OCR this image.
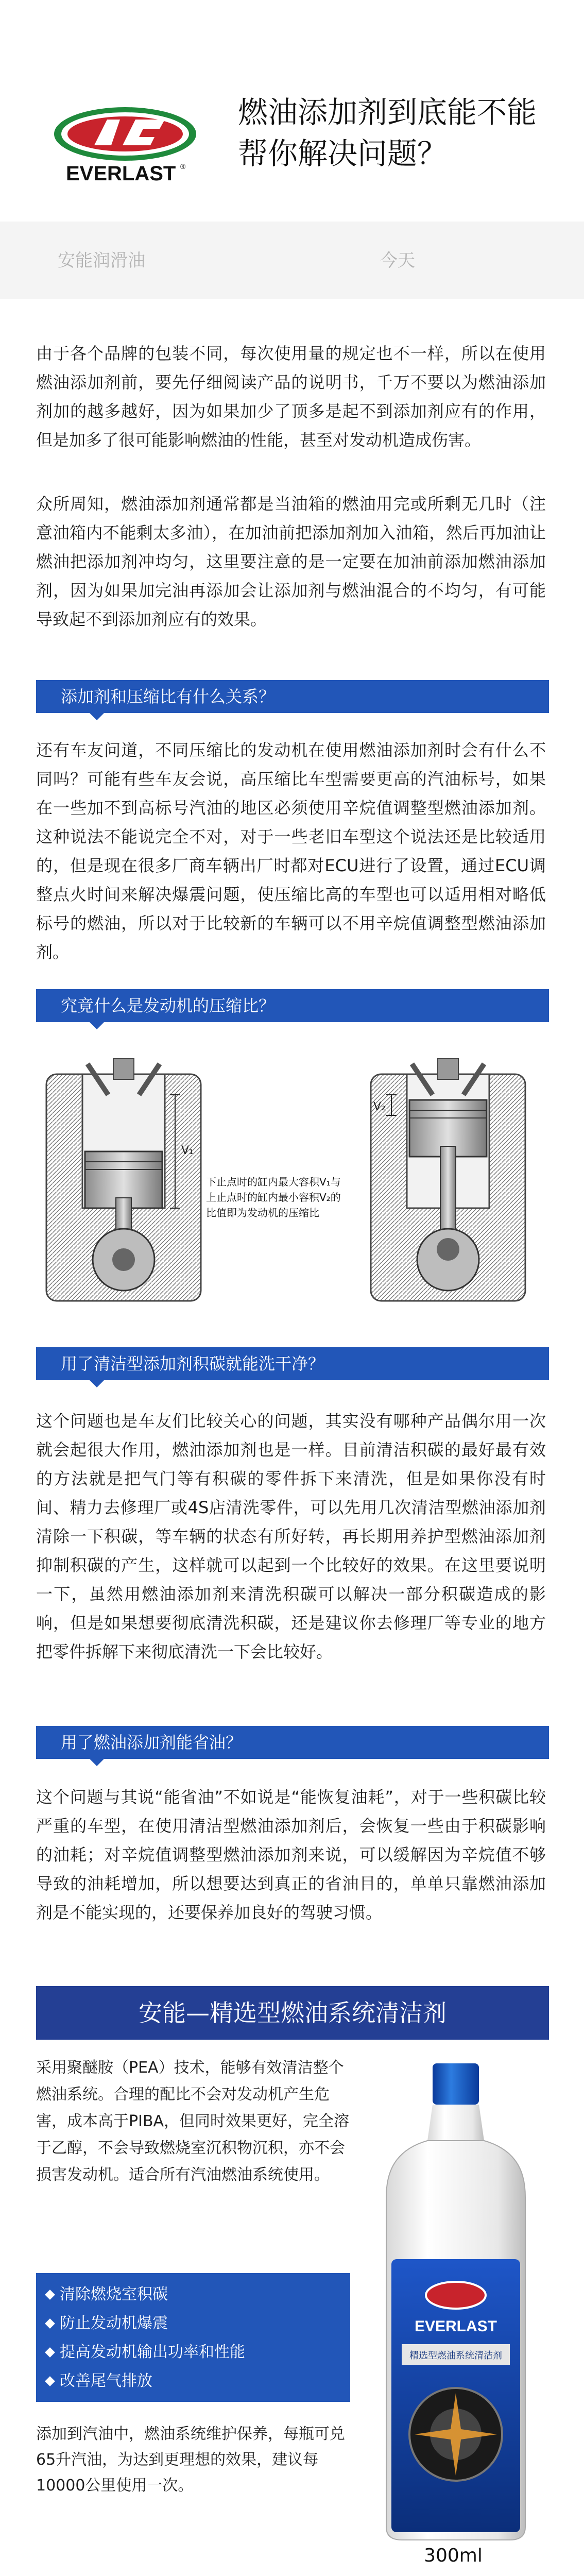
EVERLAST ®
燃油添加剂到底能不能帮你解决问题？
安能润滑油	今天
由于各个品牌的包装不同，每次使用量的规定也不一样，所以在使用燃油添加剂前，要先仔细阅读产品的说明书，千万不要以为燃油添加剂加的越多越好，因为如果加少了顶多是起不到添加剂应有的作用，但是加多了很可能影响燃油的性能，甚至对发动机造成伤害。
众所周知，燃油添加剂通常都是当油箱的燃油用完或所剩无几时（注意油箱内不能剩太多油），在加油前把添加剂加入油箱，然后再加油让燃油把添加剂冲均匀，这里要注意的是一定要在加油前添加燃油添加剂，因为如果加完油再添加会让添加剂与燃油混合的不均匀，有可能导致起不到添加剂应有的效果。
添加剂和压缩比有什么关系？
还有车友问道，不同压缩比的发动机在使用燃油添加剂时会有什么不同吗？可能有些车友会说，高压缩比车型需要更高的汽油标号，如果在一些加不到高标号汽油的地区必须使用辛烷值调整型燃油添加剂。这种说法不能说完全不对，对于一些老旧车型这个说法还是比较适用的，但是现在很多厂商车辆出厂时都对ECU进行了设置，通过ECU调整点火时间来解决爆震问题，使压缩比高的车型也可以适用相对略低标号的燃油，所以对于比较新的车辆可以不用辛烷值调整型燃油添加剂。
究竟什么是发动机的压缩比？
V₁
下止点时的缸内最大容积V₁与
上止点时的缸内最小容积V₂的
比值即为发动机的压缩比
V₂
用了清洁型添加剂积碳就能洗干净？
这个问题也是车友们比较关心的问题，其实没有哪种产品偶尔用一次就会起很大作用，燃油添加剂也是一样。目前清洁积碳的最好最有效的方法就是把气门等有积碳的零件拆下来清洗，但是如果你没有时间、精力去修理厂或4S店清洗零件，可以先用几次清洁型燃油添加剂清除一下积碳，等车辆的状态有所好转，再长期用养护型燃油添加剂抑制积碳的产生，这样就可以起到一个比较好的效果。在这里要说明一下，虽然用燃油添加剂来清洗积碳可以解决一部分积碳造成的影响，但是如果想要彻底清洗积碳，还是建议你去修理厂等专业的地方把零件拆解下来彻底清洗一下会比较好。
用了燃油添加剂能省油？
这个问题与其说“能省油”不如说是“能恢复油耗”，对于一些积碳比较严重的车型，在使用清洁型燃油添加剂后，会恢复一些由于积碳影响的油耗；对辛烷值调整型燃油添加剂来说，可以缓解因为辛烷值不够导致的油耗增加，所以想要达到真正的省油目的，单单只靠燃油添加剂是不能实现的，还要保养加良好的驾驶习惯。
安能—精选型燃油系统清洁剂
采用聚醚胺（PEA）技术，能够有效清洁整个燃油系统。合理的配比不会对发动机产生危害，成本高于PIBA，但同时效果更好，完全溶于乙醇，不会导致燃烧室沉积物沉积，亦不会损害发动机。适合所有汽油燃油系统使用。
清除燃烧室积碳
防止发动机爆震
提高发动机输出功率和性能
改善尾气排放
添加到汽油中，燃油系统维护保养，每瓶可兑65升汽油，为达到更理想的效果，建议每10000公里使用一次。
EVERLAST
精选型燃油系统清洁剂
300ml
